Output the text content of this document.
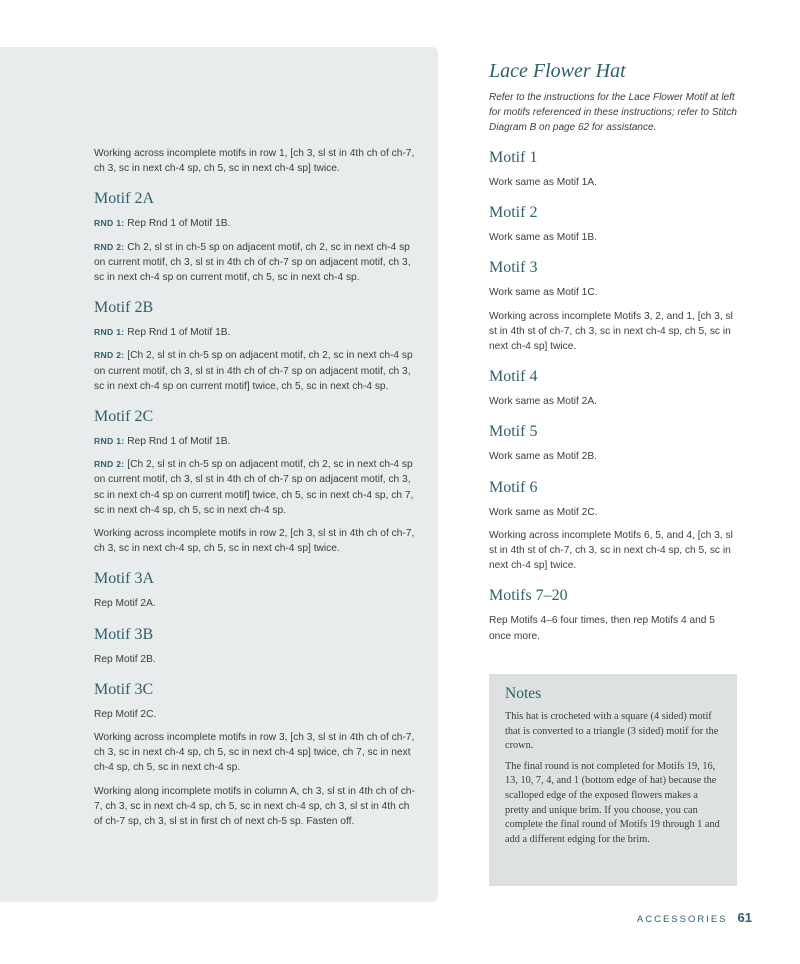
Working across incomplete motifs in row 1, [ch 3, sl st in 4th ch of ch-7, ch 3, sc in next ch-4 sp, ch 5, sc in next ch-4 sp] twice.

Motif 2A

RND 1: Rep Rnd 1 of Motif 1B.

RND 2: Ch 2, sl st in ch-5 sp on adjacent motif, ch 2, sc in next ch-4 sp on current motif, ch 3, sl st in 4th ch of ch-7 sp on adjacent motif, ch 3, sc in next ch-4 sp on current motif, ch 5, sc in next ch-4 sp.

Motif 2B

RND 1: Rep Rnd 1 of Motif 1B.

RND 2: [Ch 2, sl st in ch-5 sp on adjacent motif, ch 2, sc in next ch-4 sp on current motif, ch 3, sl st in 4th ch of ch-7 sp on adjacent motif, ch 3, sc in next ch-4 sp on current motif] twice, ch 5, sc in next ch-4 sp.

Motif 2C

RND 1: Rep Rnd 1 of Motif 1B.

RND 2: [Ch 2, sl st in ch-5 sp on adjacent motif, ch 2, sc in next ch-4 sp on current motif, ch 3, sl st in 4th ch of ch-7 sp on adjacent motif, ch 3, sc in next ch-4 sp on current motif] twice, ch 5, sc in next ch-4 sp, ch 7, sc in next ch-4 sp, ch 5, sc in next ch-4 sp.

Working across incomplete motifs in row 2, [ch 3, sl st in 4th ch of ch-7, ch 3, sc in next ch-4 sp, ch 5, sc in next ch-4 sp] twice.

Motif 3A

Rep Motif 2A.

Motif 3B

Rep Motif 2B.

Motif 3C

Rep Motif 2C.

Working across incomplete motifs in row 3, [ch 3, sl st in 4th ch of ch-7, ch 3, sc in next ch-4 sp, ch 5, sc in next ch-4 sp] twice, ch 7, sc in next ch-4 sp, ch 5, sc in next ch-4 sp.

Working along incomplete motifs in column A, ch 3, sl st in 4th ch of ch-7, ch 3, sc in next ch-4 sp, ch 5, sc in next ch-4 sp, ch 3, sl st in 4th ch of ch-7 sp, ch 3, sl st in first ch of next ch-5 sp. Fasten off.

Lace Flower Hat

Refer to the instructions for the Lace Flower Motif at left for motifs referenced in these instructions; refer to Stitch Diagram B on page 62 for assistance.

Motif 1

Work same as Motif 1A.

Motif 2

Work same as Motif 1B.

Motif 3

Work same as Motif 1C.

Working across incomplete Motifs 3, 2, and 1, [ch 3, sl st in 4th st of ch-7, ch 3, sc in next ch-4 sp, ch 5, sc in next ch-4 sp] twice.

Motif 4

Work same as Motif 2A.

Motif 5

Work same as Motif 2B.

Motif 6

Work same as Motif 2C.

Working across incomplete Motifs 6, 5, and 4, [ch 3, sl st in 4th st of ch-7, ch 3, sc in next ch-4 sp, ch 5, sc in next ch-4 sp] twice.

Motifs 7–20

Rep Motifs 4–6 four times, then rep Motifs 4 and 5 once more.

Notes

This hat is crocheted with a square (4 sided) motif that is converted to a triangle (3 sided) motif for the crown.

The final round is not completed for Motifs 19, 16, 13, 10, 7, 4, and 1 (bottom edge of hat) because the scalloped edge of the exposed flowers makes a pretty and unique brim. If you choose, you can complete the final round of Motifs 19 through 1 and add a different edging for the brim.

ACCESSORIES 61
